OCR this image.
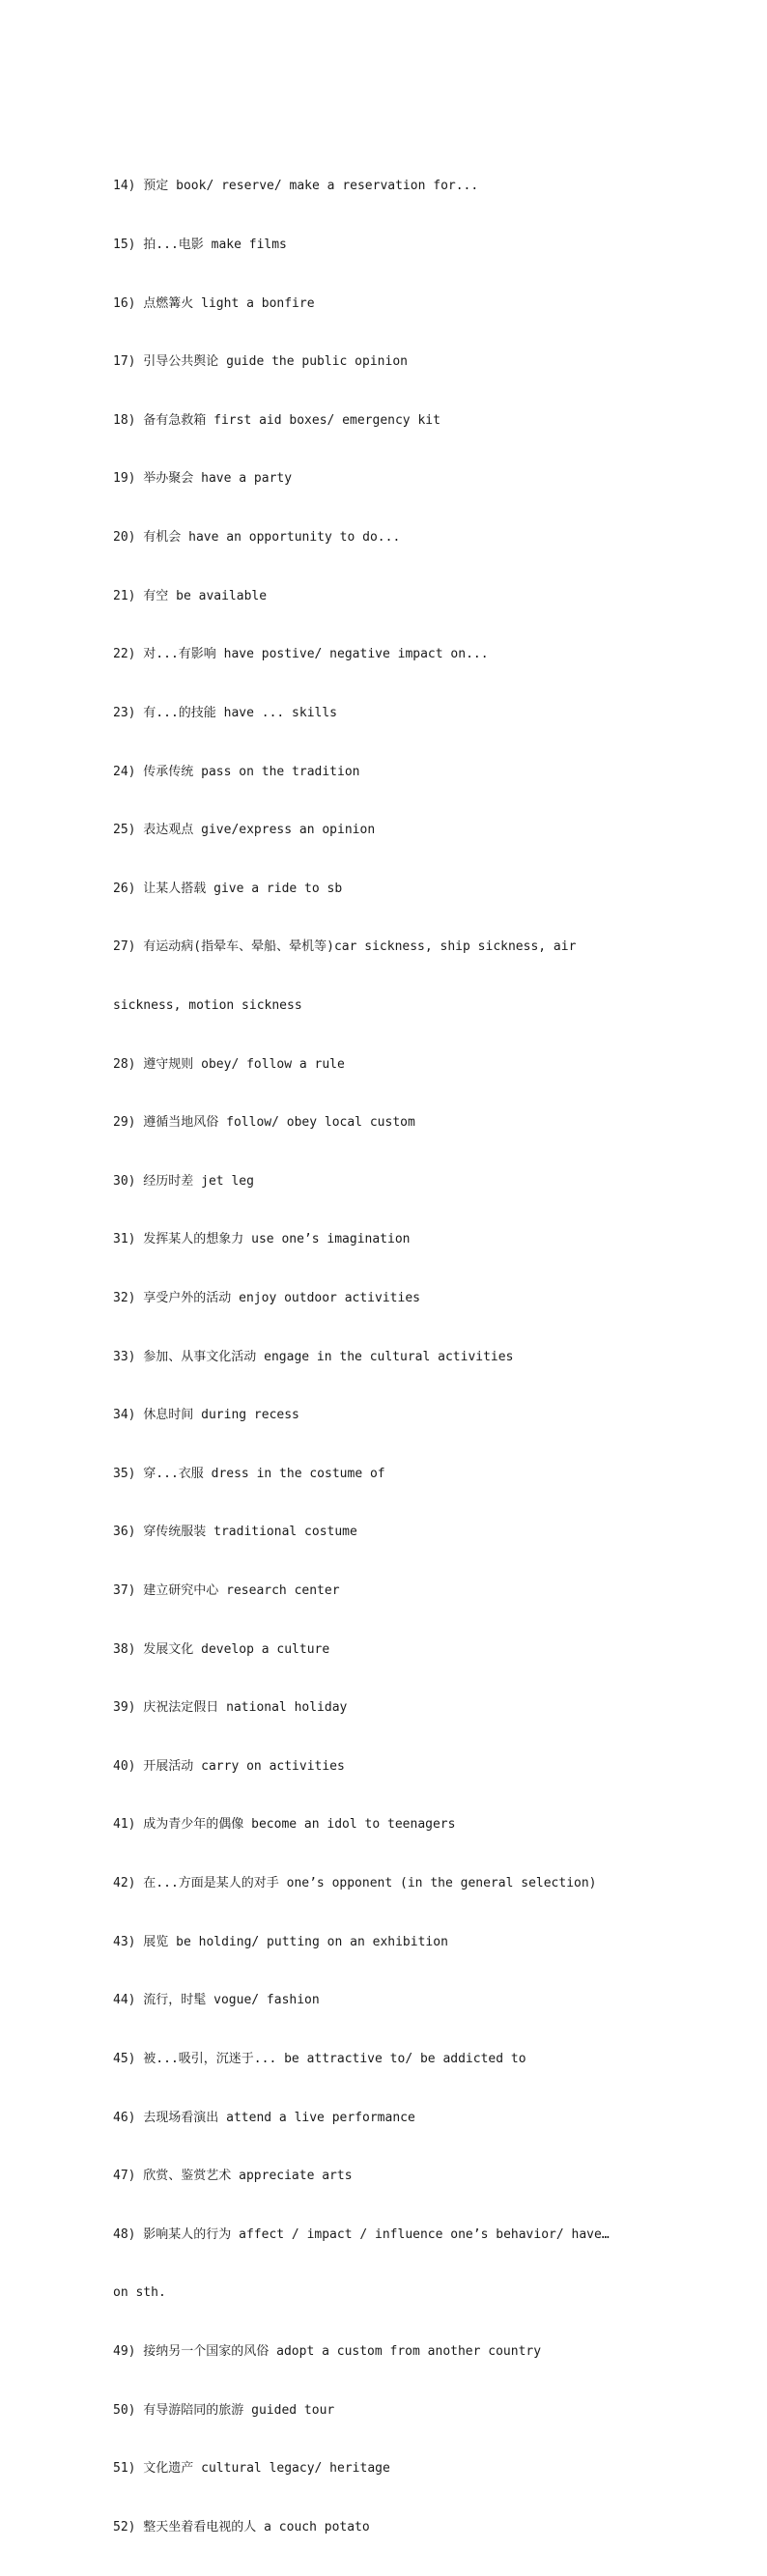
14) 预定 book/ reserve/ make a reservation for...

15) 拍...电影 make films

16) 点燃篝火 light a bonfire

17) 引导公共舆论 guide the public opinion

18) 备有急救箱 first aid boxes/ emergency kit

19) 举办聚会 have a party

20) 有机会 have an opportunity to do...

21) 有空 be available

22) 对...有影响 have postive/ negative impact on...

23) 有...的技能 have ... skills

24) 传承传统 pass on the tradition

25) 表达观点 give/express an opinion

26) 让某人搭载 give a ride to sb

27) 有运动病(指晕车、晕船、晕机等)car sickness, ship sickness, air

sickness, motion sickness

28) 遵守规则 obey/ follow a rule

29) 遵循当地风俗 follow/ obey local custom

30) 经历时差 jet leg

31) 发挥某人的想象力 use one’s imagination

32) 享受户外的活动 enjoy outdoor activities

33) 参加、从事文化活动 engage in the cultural activities

34) 休息时间 during recess

35) 穿...衣服 dress in the costume of

36) 穿传统服装 traditional costume

37) 建立研究中心 research center

38) 发展文化 develop a culture

39) 庆祝法定假日 national holiday

40) 开展活动 carry on activities

41) 成为青少年的偶像 become an idol to teenagers

42) 在...方面是某人的对手 one’s opponent (in the general selection)

43) 展览 be holding/ putting on an exhibition

44) 流行，时髦 vogue/ fashion

45) 被...吸引，沉迷于... be attractive to/ be addicted to

46) 去现场看演出 attend a live performance

47) 欣赏、鉴赏艺术 appreciate arts

48) 影响某人的行为 affect / impact / influence one’s behavior/ have…

on sth.

49) 接纳另一个国家的风俗 adopt a custom from another country

50) 有导游陪同的旅游 guided tour

51) 文化遗产 cultural legacy/ heritage

52) 整天坐着看电视的人 a couch potato
